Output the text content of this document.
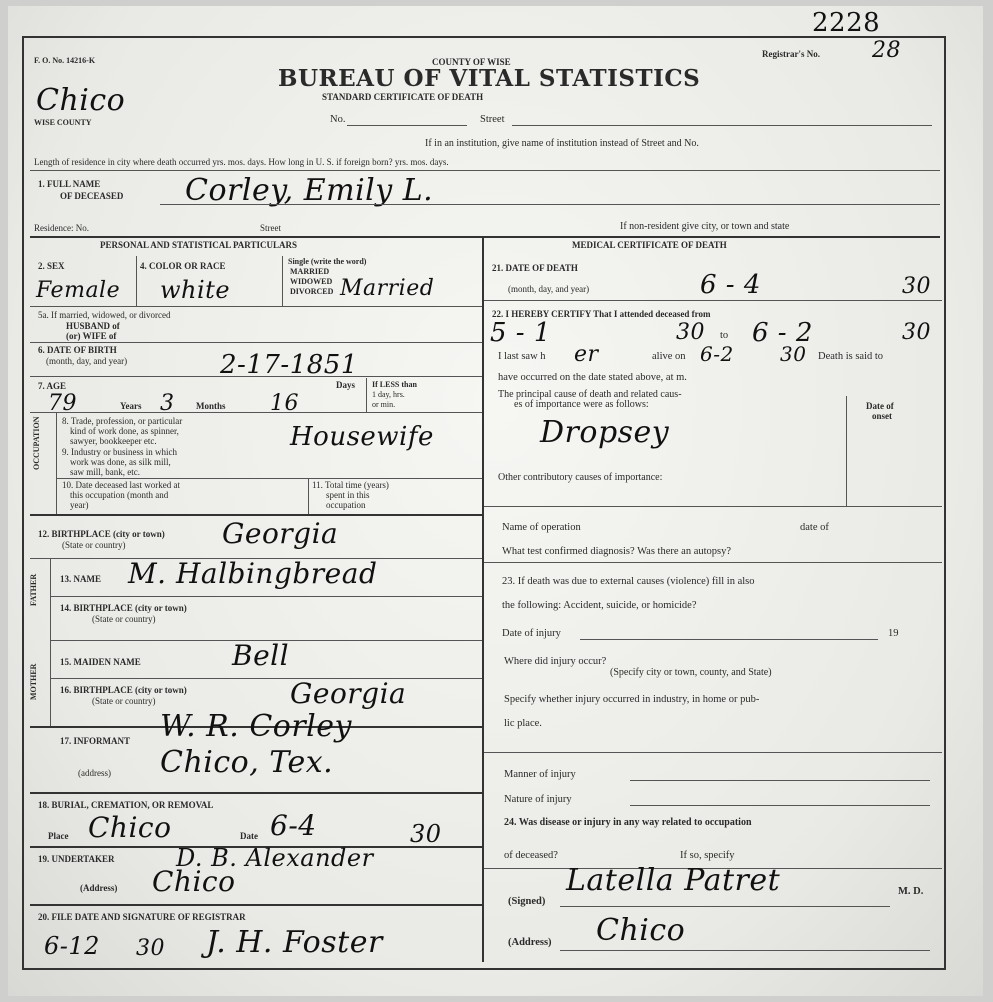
2228
F. O. No. 14216-K
Registrar's No. 28
COUNTY OF WISE
BUREAU OF VITAL STATISTICS
STANDARD CERTIFICATE OF DEATH
Chico
WISE COUNTY	No.	Street
If in an institution, give name of institution instead of Street and No.
Length of residence in city where death occurred yrs. mos. days. How long in U. S. if foreign born? yrs. mos. days.
1. FULL NAME
OF DECEASED Corley, Emily L.
Residence: No.	Street	If non-resident give city, or town and state
PERSONAL AND STATISTICAL PARTICULARS
2. SEX	4. COLOR OR RACE	Single (write the word)
MARRIED
WIDOWED
DIVORCED
Female white	Married
5a. If married, widowed, or divorced
HUSBAND of
(or) WIFE of
6. DATE OF BIRTH
(month, day, and year)	2-17-1851
7. AGE
79	Years 3 Months 16
Days If LESS than
1 day, hrs.
or min.
OCCUPATION 8. Trade, profession, or particular
kind of work done, as spinner,
sawyer, bookkeeper etc.	Housewife
9. Industry or business in which
work was done, as silk mill,
saw mill, bank, etc.
10. Date deceased last worked at
this occupation (month and
year)
11. Total time (years)
spent in this
occupation
12. BIRTHPLACE (city or town)
(State or country)	Georgia
FATHER
MOTHER
13. NAME M. Halbingbread
14. BIRTHPLACE (city or town)
(State or country)
15. MAIDEN NAME	Bell
16. BIRTHPLACE (city or town)
(State or country)	Georgia
17. INFORMANT W. R. Corley
(address) Chico, Tex.
18. BURIAL, CREMATION, OR REMOVAL
Place Chico	Date 6-4	30
19. UNDERTAKER	D. B. Alexander
(Address) Chico
20. FILE DATE AND SIGNATURE OF REGISTRAR
6-12 30 J. H. Foster
MEDICAL CERTIFICATE OF DEATH
21. DATE OF DEATH
(month, day, and year)	6 - 4	30
22. I HEREBY CERTIFY That I attended deceased from
5 - 1	30 to 6 - 2	30
I last saw h er	alive on 6-2 30 Death is said to
have occurred on the date stated above, at m.
The principal cause of death and related caus-
es of importance were as follows:	Date of
onset
Dropsey
Other contributory causes of importance:
Name of operation	date of
What test confirmed diagnosis? Was there an autopsy?
23. If death was due to external causes (violence) fill in also
the following: Accident, suicide, or homicide?
Date of injury	19
Where did injury occur?
(Specify city or town, county, and State)
Specify whether injury occurred in industry, in home or pub-
lic place.
Manner of injury
Nature of injury
24. Was disease or injury in any way related to occupation
of deceased?	If so, specify
(Signed)
Latella Patret	M. D.
(Address) Chico
